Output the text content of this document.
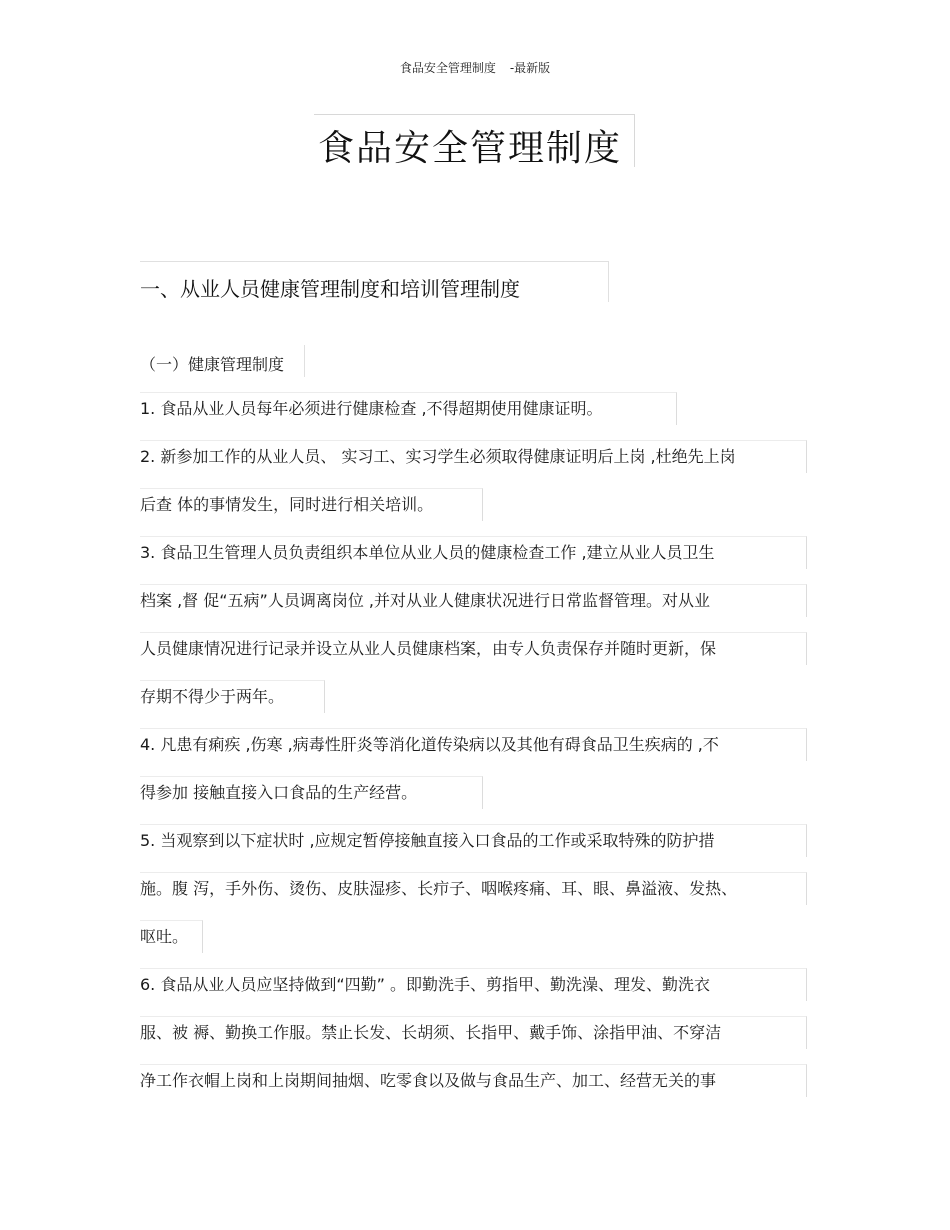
食品安全管理制度 -最新版
食品安全管理制度
一、从业人员健康管理制度和培训管理制度
（一）健康管理制度
1. 食品从业人员每年必须进行健康检查 ,不得超期使用健康证明。
2. 新参加工作的从业人员、 实习工、实习学生必须取得健康证明后上岗 ,杜绝先上岗
后查 体的事情发生，同时进行相关培训。
3. 食品卫生管理人员负责组织本单位从业人员的健康检查工作 ,建立从业人员卫生
档案 ,督 促“五病”人员调离岗位 ,并对从业人健康状况进行日常监督管理。对从业
人员健康情况进行记录并设立从业人员健康档案，由专人负责保存并随时更新，保
存期不得少于两年。
4. 凡患有痢疾 ,伤寒 ,病毒性肝炎等消化道传染病以及其他有碍食品卫生疾病的 ,不
得参加 接触直接入口食品的生产经营。
5. 当观察到以下症状时 ,应规定暂停接触直接入口食品的工作或采取特殊的防护措
施。腹 泻，手外伤、烫伤、皮肤湿疹、长疖子、咽喉疼痛、耳、眼、鼻溢液、发热、
呕吐。
6. 食品从业人员应坚持做到“四勤” 。即勤洗手、剪指甲、勤洗澡、理发、勤洗衣
服、被 褥、勤换工作服。禁止长发、长胡须、长指甲、戴手饰、涂指甲油、不穿洁
净工作衣帽上岗和上岗期间抽烟、吃零食以及做与食品生产、加工、经营无关的事
